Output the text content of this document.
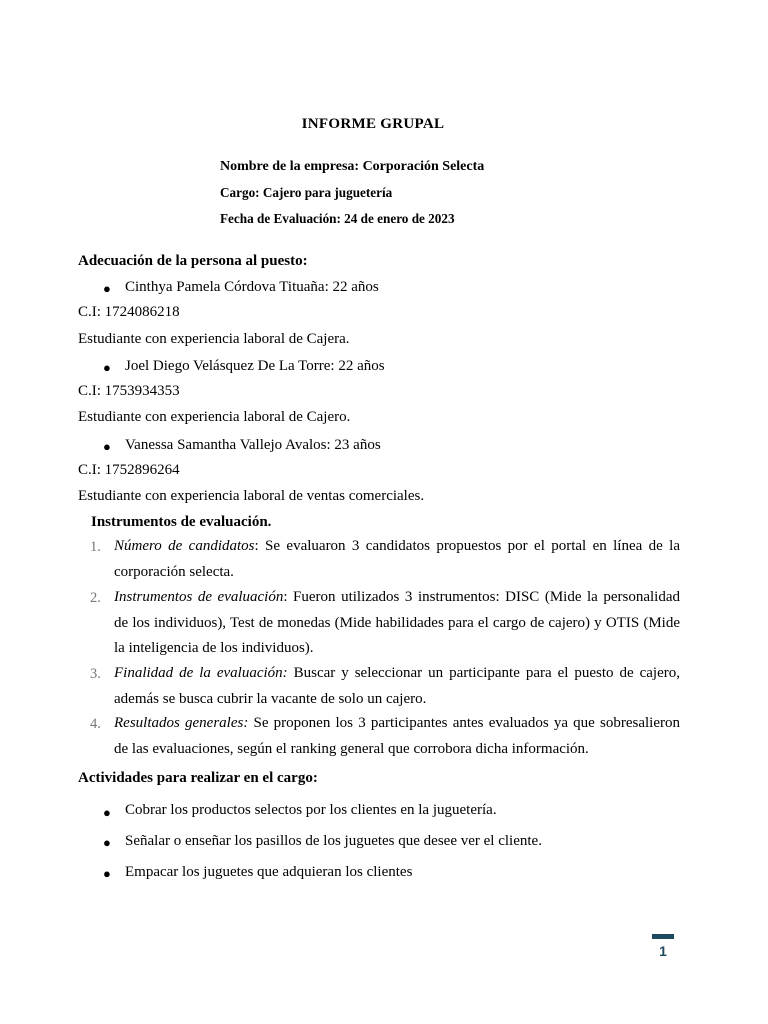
INFORME GRUPAL
Nombre de la empresa: Corporación Selecta
Cargo: Cajero para juguetería
Fecha de Evaluación: 24 de enero de 2023
Adecuación de la persona al puesto:
● Cinthya Pamela Córdova Tituaña: 22 años
C.I: 1724086218
Estudiante con experiencia laboral de Cajera.
● Joel Diego Velásquez De La Torre: 22 años
C.I: 1753934353
Estudiante con experiencia laboral de Cajero.
● Vanessa Samantha Vallejo Avalos: 23 años
C.I: 1752896264
Estudiante con experiencia laboral de ventas comerciales.
Instrumentos de evaluación.
1. Número de candidatos: Se evaluaron 3 candidatos propuestos por el portal en línea de la
corporación selecta.
2. Instrumentos de evaluación: Fueron utilizados 3 instrumentos: DISC (Mide la personalidad
de los individuos), Test de monedas (Mide habilidades para el cargo de cajero) y OTIS (Mide
la inteligencia de los individuos).
3. Finalidad de la evaluación: Buscar y seleccionar un participante para el puesto de cajero,
además se busca cubrir la vacante de solo un cajero.
4. Resultados generales: Se proponen los 3 participantes antes evaluados ya que sobresalieron
de las evaluaciones, según el ranking general que corrobora dicha información.
Actividades para realizar en el cargo:
● Cobrar los productos selectos por los clientes en la juguetería.
● Señalar o enseñar los pasillos de los juguetes que desee ver el cliente.
● Empacar los juguetes que adquieran los clientes
1
